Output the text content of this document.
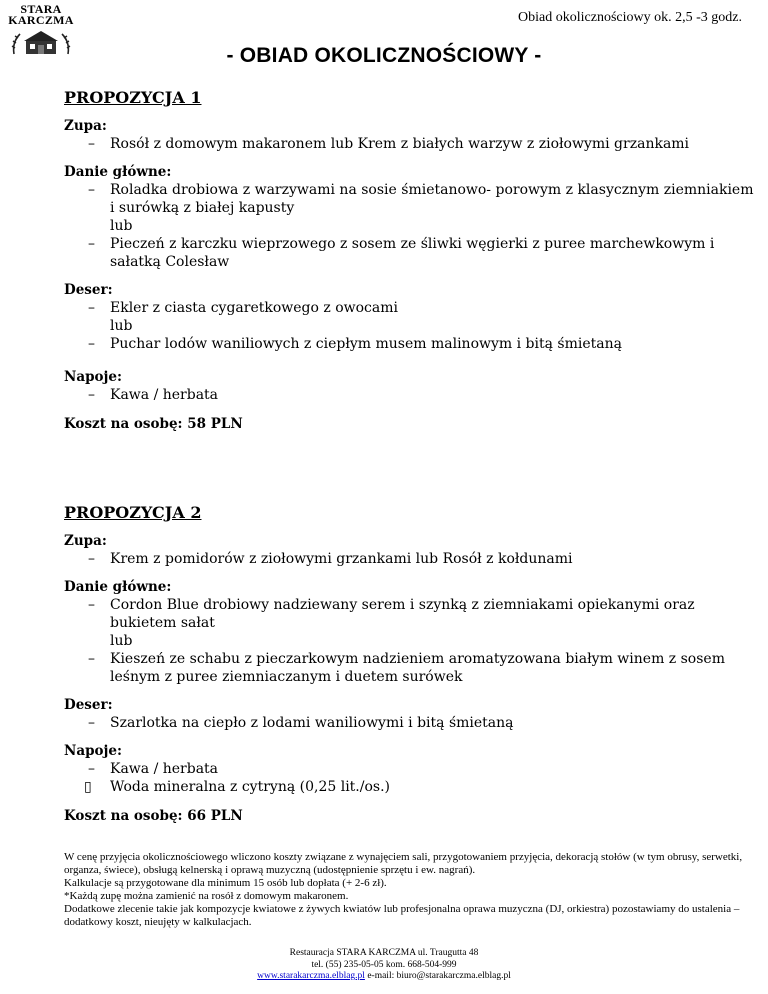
STARA
KARCZMA	Obiad okolicznościowy ok. 2,5 -3 godz.
- OBIAD OKOLICZNOŚCIOWY -
PROPOZYCJA 1
Zupa:
– Rosół z domowym makaronem lub Krem z białych warzyw z ziołowymi grzankami
Danie główne:
– Roladka drobiowa z warzywami na sosie śmietanowo- porowym z klasycznym ziemniakiem i surówką z białej kapusty
lub
– Pieczeń z karczku wieprzowego z sosem ze śliwki węgierki z puree marchewkowym i sałatką Colesław
Deser:
– Ekler z ciasta cygaretkowego z owocami
lub
– Puchar lodów waniliowych z ciepłym musem malinowym i bitą śmietaną
Napoje:
– Kawa / herbata
Koszt na osobę: 58 PLN
PROPOZYCJA 2
Zupa:
– Krem z pomidorów z ziołowymi grzankami lub Rosół z kołdunami
Danie główne:
– Cordon Blue drobiowy nadziewany serem i szynką z ziemniakami opiekanymi oraz bukietem sałat
lub
– Kieszeń ze schabu z pieczarkowym nadzieniem aromatyzowana białym winem z sosem leśnym z puree ziemniaczanym i duetem surówek
Deser:
– Szarlotka na ciepło z lodami waniliowymi i bitą śmietaną
Napoje:
– Kawa / herbata
▯ Woda mineralna z cytryną (0,25 lit./os.)
Koszt na osobę: 66 PLN
W cenę przyjęcia okolicznościowego wliczono koszty związane z wynajęciem sali, przygotowaniem przyjęcia, dekoracją stołów (w tym obrusy, serwetki, organza, świece), obsługą kelnerską i oprawą muzyczną (udostępnienie sprzętu i ew. nagrań).
Kalkulacje są przygotowane dla minimum 15 osób lub dopłata (+ 2-6 zł).
*Każdą zupę można zamienić na rosół z domowym makaronem.
Dodatkowe zlecenie takie jak kompozycje kwiatowe z żywych kwiatów lub profesjonalna oprawa muzyczna (DJ, orkiestra) pozostawiamy do ustalenia – dodatkowy koszt, nieujęty w kalkulacjach.
Restauracja STARA KARCZMA ul. Traugutta 48
tel. (55) 235-05-05 kom. 668-504-999
www.starakarczma.elblag.pl e-mail: biuro@starakarczma.elblag.pl
